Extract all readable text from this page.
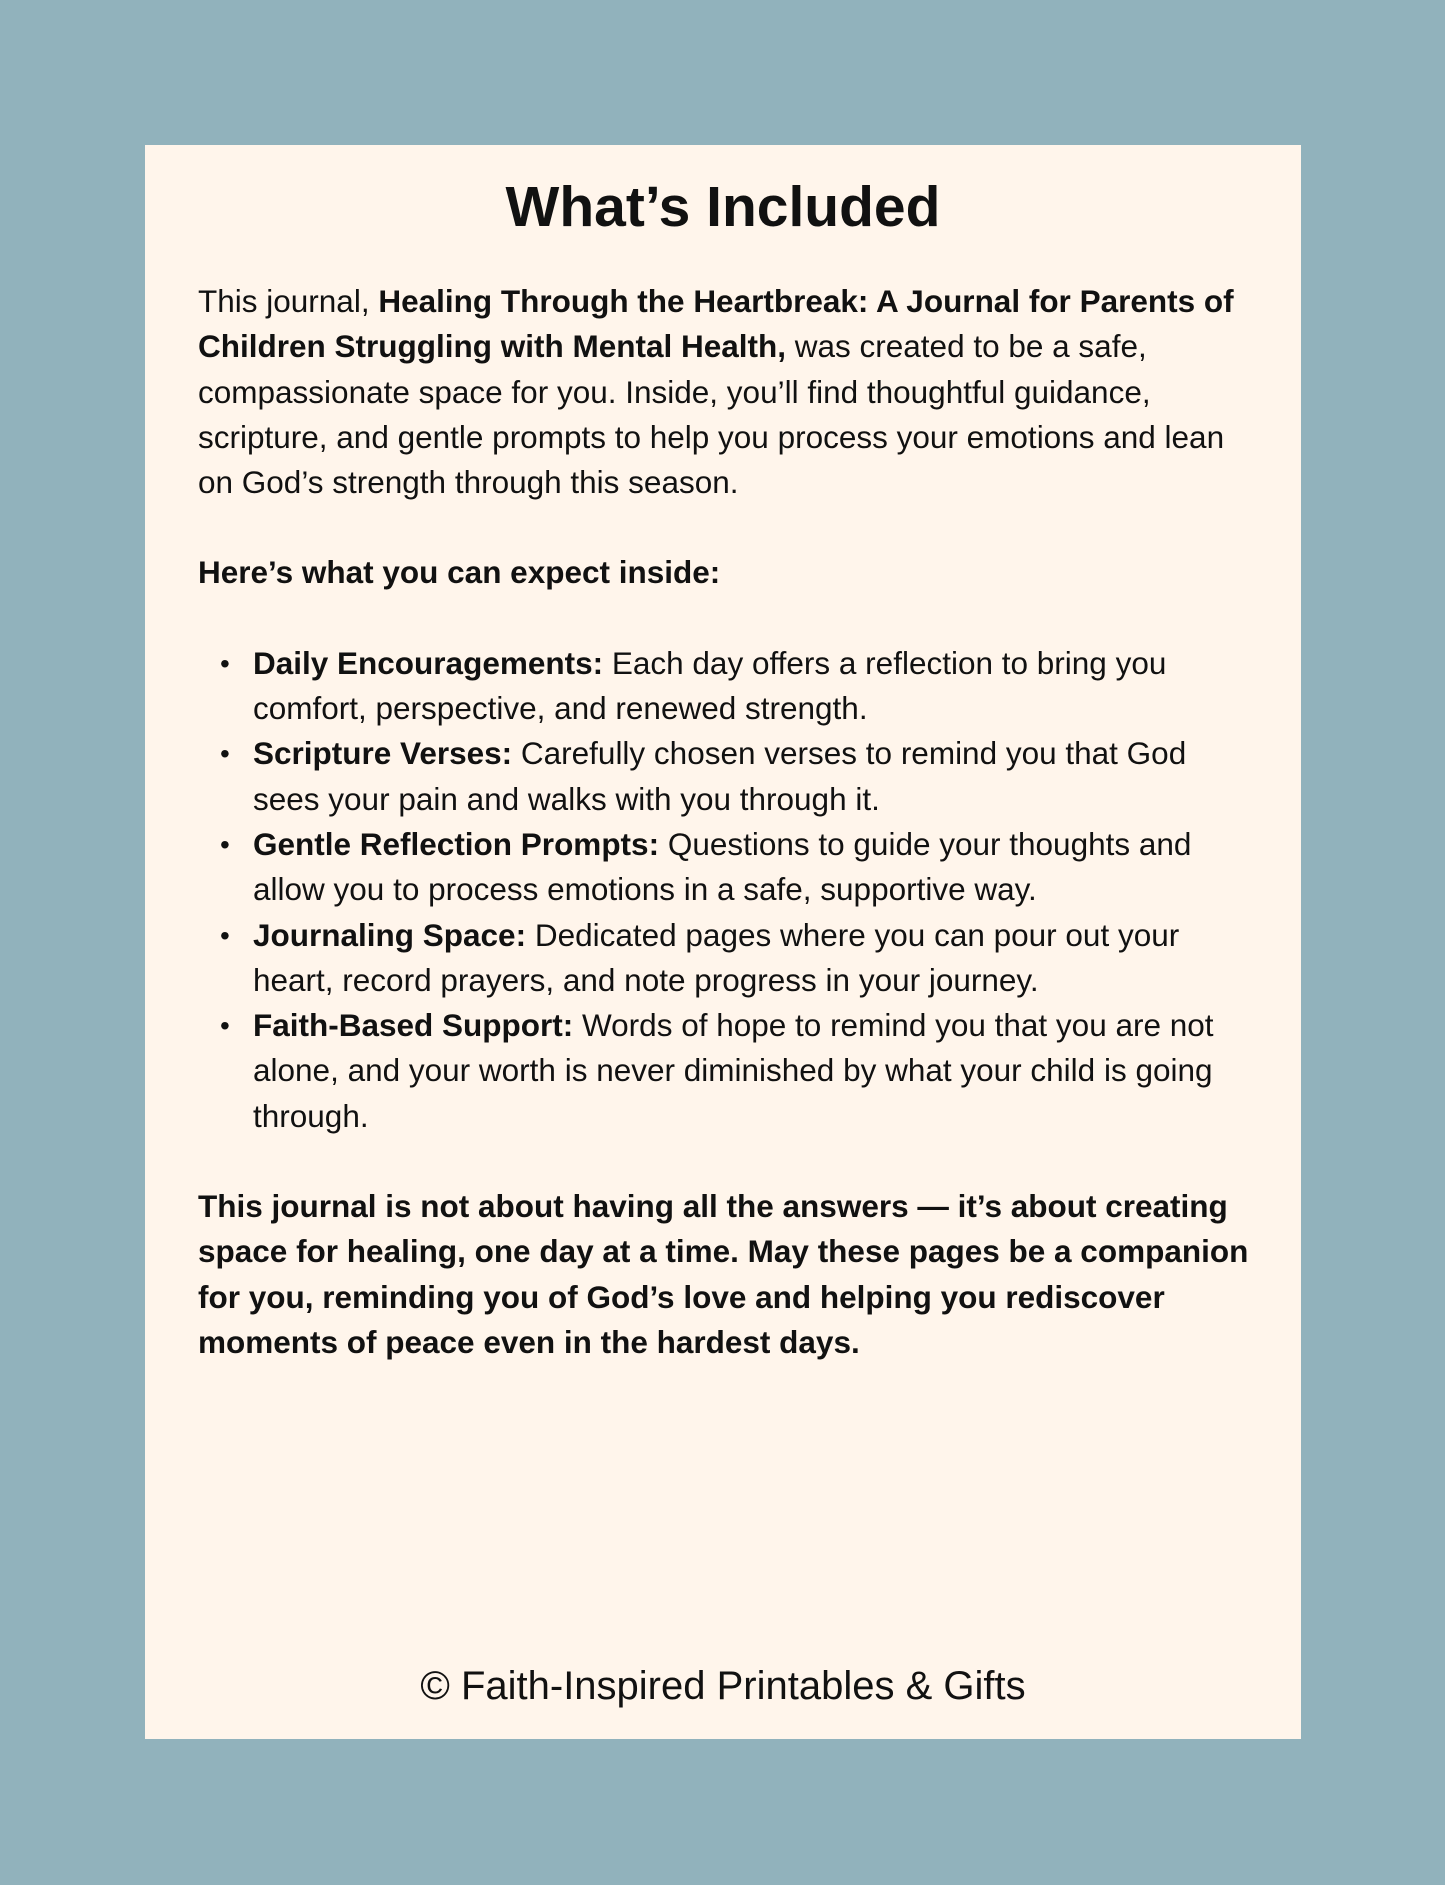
What’s Included

This journal, Healing Through the Heartbreak: A Journal for Parents of Children Struggling with Mental Health, was created to be a safe, compassionate space for you. Inside, you’ll find thoughtful guidance, scripture, and gentle prompts to help you process your emotions and lean on God’s strength through this season.

Here’s what you can expect inside:

• Daily Encouragements: Each day offers a reflection to bring you comfort, perspective, and renewed strength.
• Scripture Verses: Carefully chosen verses to remind you that God sees your pain and walks with you through it.
• Gentle Reflection Prompts: Questions to guide your thoughts and allow you to process emotions in a safe, supportive way.
• Journaling Space: Dedicated pages where you can pour out your heart, record prayers, and note progress in your journey.
• Faith-Based Support: Words of hope to remind you that you are not alone, and your worth is never diminished by what your child is going through.

This journal is not about having all the answers — it’s about creating space for healing, one day at a time. May these pages be a companion for you, reminding you of God’s love and helping you rediscover moments of peace even in the hardest days.

© Faith-Inspired Printables & Gifts
